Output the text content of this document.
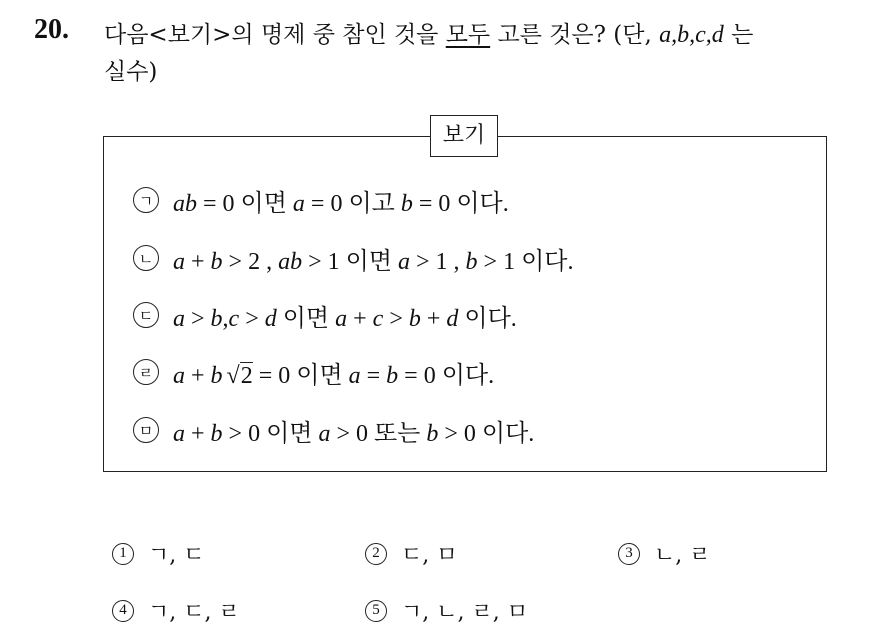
20. 다음<보기>의 명제 중 참인 것을 모두 고른 것은? (단, a,b,c,d 는
실수)
보기
ㄱ ab = 0 이면 a = 0 이고 b = 0 이다.
ㄴ a + b > 2 , ab > 1 이면 a > 1 , b > 1 이다.
ㄷ a > b,c > d 이면 a + c > b + d 이다.
ㄹ a + b √2 = 0 이면 a = b = 0 이다.
ㅁ a + b > 0 이면 a > 0 또는 b > 0 이다.
1 ㄱ, ㄷ	2 ㄷ, ㅁ	3 ㄴ, ㄹ
4 ㄱ, ㄷ, ㄹ	5 ㄱ, ㄴ, ㄹ, ㅁ
